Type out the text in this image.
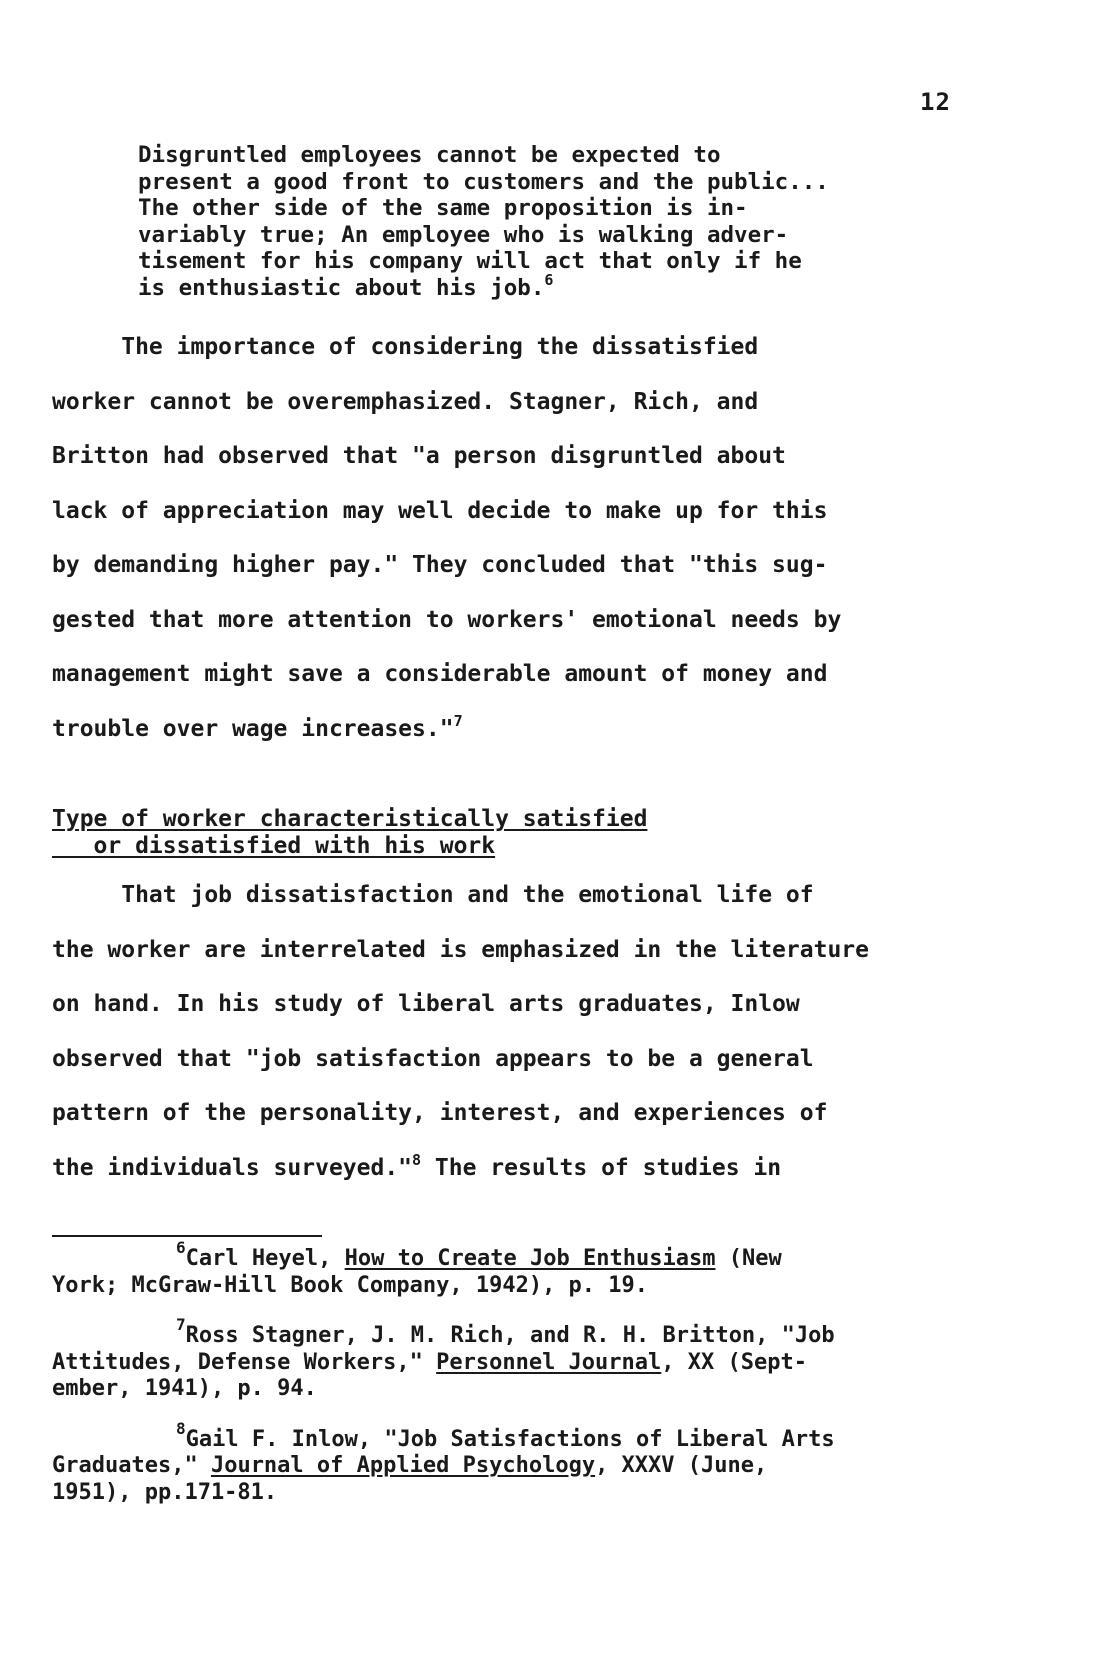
12
Disgruntled employees cannot be expected to
present a good front to customers and the public...
The other side of the same proposition is in-
variably true; An employee who is walking adver-
tisement for his company will act that only if he
is enthusiastic about his job.$^6$
The importance of considering the dissatisfied
worker cannot be overemphasized. Stagner, Rich, and
Britton had observed that "a person disgruntled about
lack of appreciation may well decide to make up for this
by demanding higher pay." They concluded that "this sug-
gested that more attention to workers' emotional needs by
management might save a considerable amount of money and
trouble over wage increases."$^7$
Type of worker characteristically satisfied
or dissatisfied with his work
That job dissatisfaction and the emotional life of
the worker are interrelated is emphasized in the literature
on hand. In his study of liberal arts graduates, Inlow
observed that "job satisfaction appears to be a general
pattern of the personality, interest, and experiences of
the individuals surveyed."$^8$ The results of studies in
$^6$Carl Heyel, How to Create Job Enthusiasm (New
York; McGraw-Hill Book Company, 1942), p. 19.
$^7$Ross Stagner, J. M. Rich, and R. H. Britton, "Job
Attitudes, Defense Workers," Personnel Journal, XX (Sept-
ember, 1941), p. 94.
$^8$Gail F. Inlow, "Job Satisfactions of Liberal Arts
Graduates," Journal of Applied Psychology, XXXV (June,
1951), pp.171-81.
